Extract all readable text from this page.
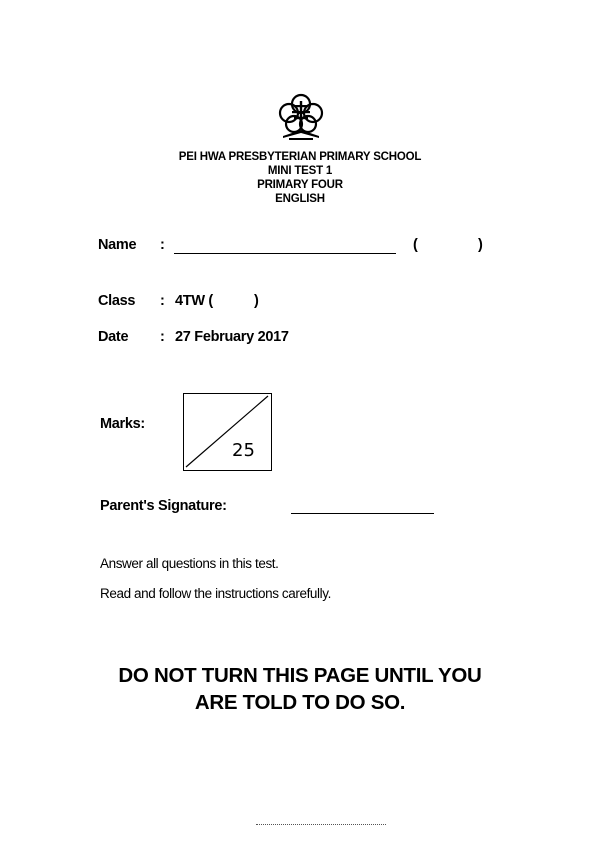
PEI HWA PRESBYTERIAN PRIMARY SCHOOL
MINI TEST 1
PRIMARY FOUR
ENGLISH
Name :	(	)
Class : 4TW (	)
Date : 27 February 2017
Marks:
25
Parent's Signature:
Answer all questions in this test.
Read and follow the instructions carefully.
DO NOT TURN THIS PAGE UNTIL YOU
ARE TOLD TO DO SO.
